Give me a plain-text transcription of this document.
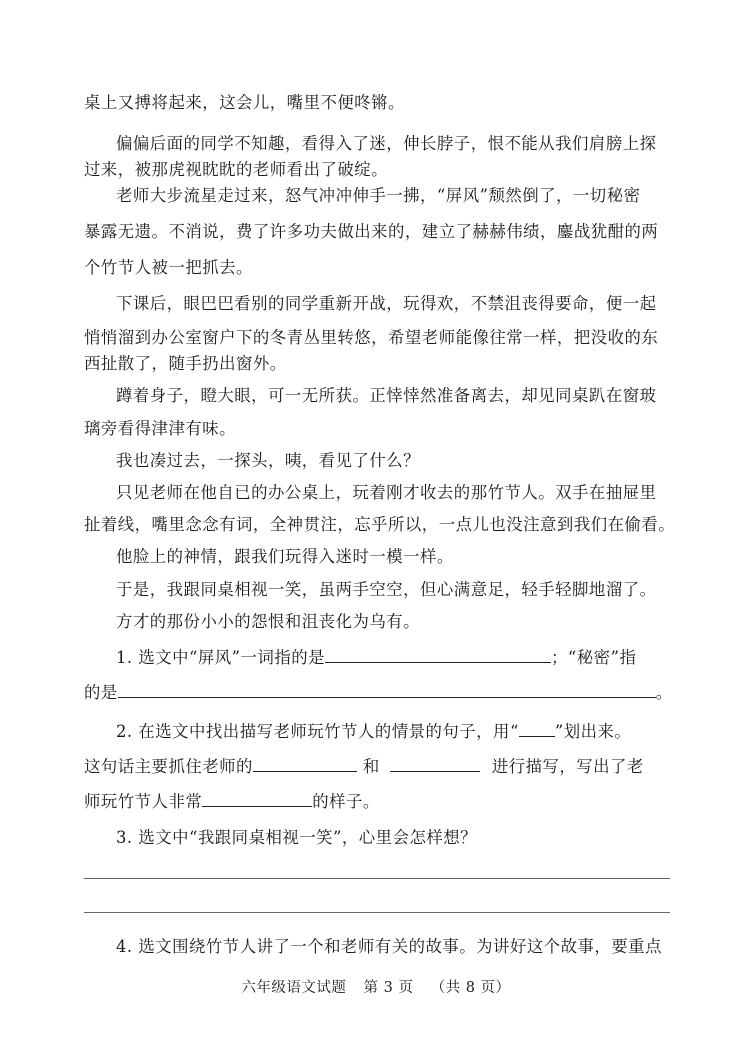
桌上又搏将起来，这会儿，嘴里不便咚锵。
偏偏后面的同学不知趣，看得入了迷，伸长脖子，恨不能从我们肩膀上探
过来，被那虎视眈眈的老师看出了破绽。
老师大步流星走过来，怒气冲冲伸手一拂，“屏风”颓然倒了，一切秘密
暴露无遗。不消说，费了许多功夫做出来的，建立了赫赫伟绩，鏖战犹酣的两
个竹节人被一把抓去。
下课后，眼巴巴看别的同学重新开战，玩得欢，不禁沮丧得要命，便一起
悄悄溜到办公室窗户下的冬青丛里转悠，希望老师能像往常一样，把没收的东
西扯散了，随手扔出窗外。
蹲着身子，瞪大眼，可一无所获。正悻悻然准备离去，却见同桌趴在窗玻
璃旁看得津津有味。
我也凑过去，一探头，咦，看见了什么？
只见老师在他自已的办公桌上，玩着刚才收去的那竹节人。双手在抽屉里
扯着线，嘴里念念有词，全神贯注，忘乎所以，一点儿也没注意到我们在偷看。
他脸上的神情，跟我们玩得入迷时一模一样。
于是，我跟同桌相视一笑，虽两手空空，但心满意足，轻手轻脚地溜了。
方才的那份小小的怨恨和沮丧化为乌有。
1. 选文中“屏风”一词指的是	；“秘密”指
的是	。
2. 在选文中找出描写老师玩竹节人的情景的句子，用“ ”划出来。
这句话主要抓住老师的	和	进行描写，写出了老
师玩竹节人非常	的样子。
3. 选文中“我跟同桌相视一笑”，心里会怎样想？
4. 选文围绕竹节人讲了一个和老师有关的故事。为讲好这个故事，要重点
六年级语文试题 第 3 页 （共 8 页）
